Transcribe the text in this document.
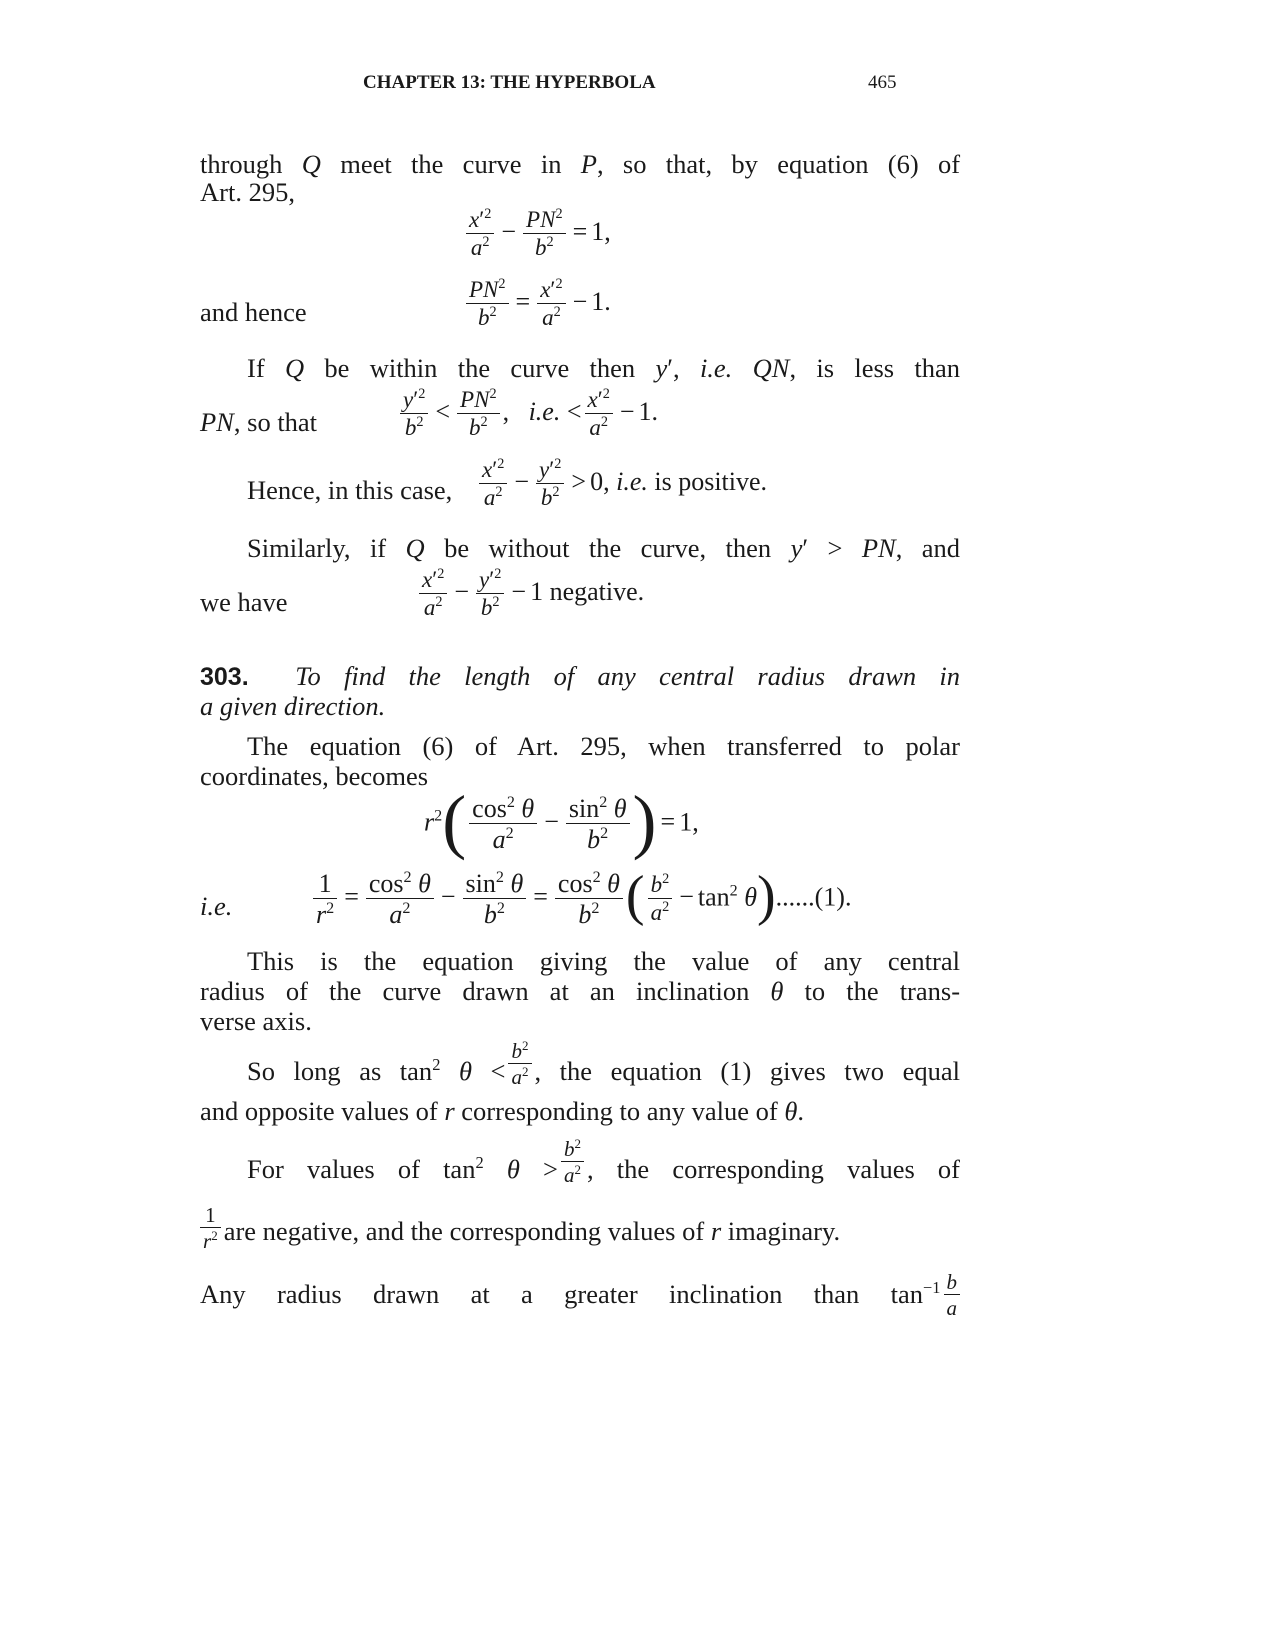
CHAPTER 13: THE HYPERBOLA	465
through Q meet the curve in P, so that, by equation (6) of
Art. 295,
$\frac{x'^2}{a^2} - \frac{PN^2}{b^2} = 1$,
and hence	$\frac{PN^2}{b^2} = \frac{x'^2}{a^2} - 1$.
If Q be within the curve then y′, i.e. QN, is less than
PN, so that	$\frac{y'^2}{b^2} < \frac{PN^2}{b^2}$ ,   i.e. < $\frac{x'^2}{a^2} - 1$.
Hence, in this case,	$\frac{x'^2}{a^2} - \frac{y'^2}{b^2} > 0$, i.e. is positive.
Similarly, if Q be without the curve, then y′ > PN, and
we have	$\frac{x'^2}{a^2} - \frac{y'^2}{b^2} - 1$ negative.
303. To find the length of any central radius drawn in
a given direction.
The equation (6) of Art. 295, when transferred to polar
coordinates, becomes
$r^2( \frac{\cos^2 \theta}{a^2} - \frac{\sin^2 \theta}{b^2}$ ) = 1,
i.e.	$\frac{1}{r^2} = \frac{\cos^2 \theta}{a^2} - \frac{\sin^2 \theta}{b^2} = \frac{\cos^2 \theta}{b^2}$ ( $\frac{b^2}{a^2} - \tan^2 \theta)......(1)$.
This is the equation giving the value of any central
radius of the curve drawn at an inclination θ to the trans-
verse axis.
So long as $\tan^2 \theta < \frac{b^2}{a^2}$ , the equation (1) gives two equal
and opposite values of r corresponding to any value of θ.
For values of $\tan^2 \theta > \frac{b^2}{a^2}$ , the corresponding values of
$\frac{1}{r^2}$ are negative, and the corresponding values of r imaginary.
Any radius drawn at a greater inclination than $\tan^{-1} \frac{b}{a}$
